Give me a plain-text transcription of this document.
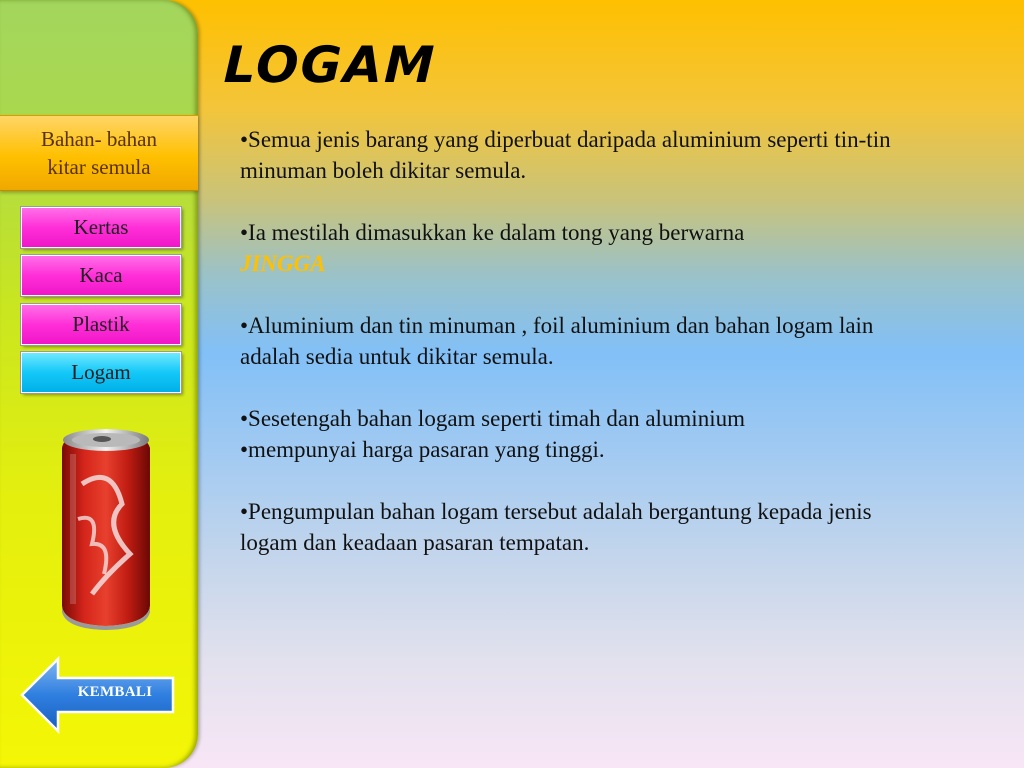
Bahan- bahan
kitar semula
Kertas
Kaca
Plastik
Logam
KEMBALI
LOGAM

•Semua jenis barang yang diperbuat daripada aluminium seperti tin-tin minuman boleh dikitar semula.

•Ia mestilah dimasukkan ke dalam tong yang berwarna
JINGGA

•Aluminium dan tin minuman , foil aluminium dan bahan logam lain adalah sedia untuk dikitar semula.

•Sesetengah bahan logam seperti timah dan aluminium
•mempunyai harga pasaran yang tinggi.

•Pengumpulan bahan logam tersebut adalah bergantung kepada jenis logam dan keadaan pasaran tempatan.
